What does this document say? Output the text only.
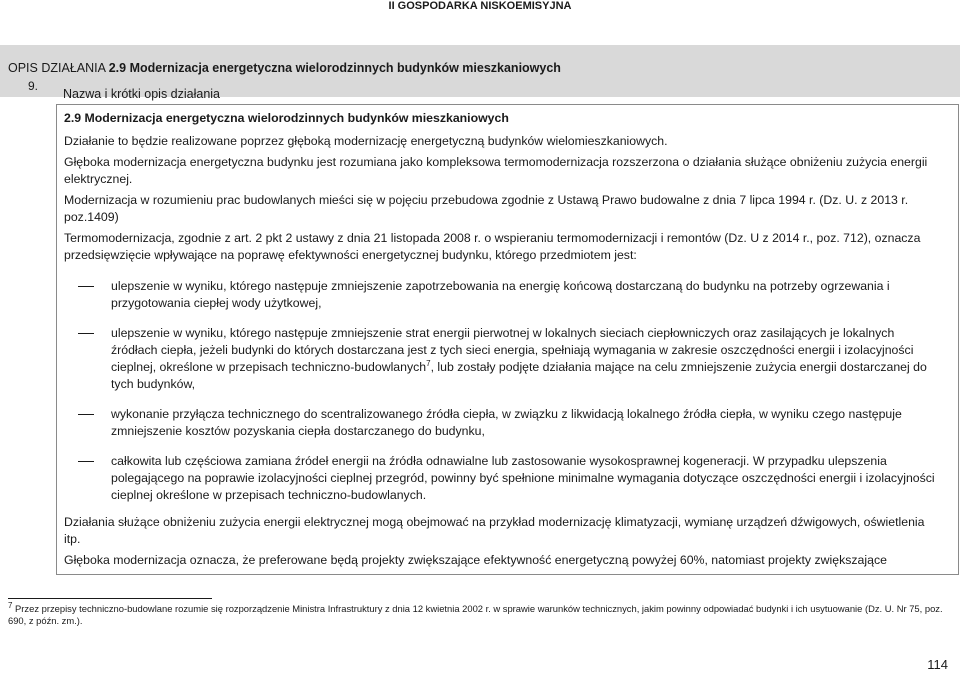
II GOSPODARKA NISKOEMISYJNA
OPIS DZIAŁANIA 2.9 Modernizacja energetyczna wielorodzinnych budynków mieszkaniowych
9.
Nazwa i krótki opis działania

2.9 Modernizacja energetyczna wielorodzinnych budynków mieszkaniowych

Działanie to będzie realizowane poprzez głęboką modernizację energetyczną budynków wielomieszkaniowych.

Głęboka modernizacja energetyczna budynku jest rozumiana jako kompleksowa termomodernizacja rozszerzona o działania służące obniżeniu zużycia energii elektrycznej.

Modernizacja w rozumieniu prac budowlanych mieści się w pojęciu przebudowa zgodnie z Ustawą Prawo budowalne z dnia 7 lipca 1994 r. (Dz. U. z 2013 r. poz.1409)

Termomodernizacja, zgodnie z art. 2 pkt 2 ustawy z dnia 21 listopada 2008 r. o wspieraniu termomodernizacji i remontów (Dz. U z 2014 r., poz. 712), oznacza przedsięwzięcie wpływające na poprawę efektywności energetycznej budynku, którego przedmiotem jest:

ulepszenie w wyniku, którego następuje zmniejszenie zapotrzebowania na energię końcową dostarczaną do budynku na potrzeby ogrzewania i przygotowania ciepłej wody użytkowej,
ulepszenie w wyniku, którego następuje zmniejszenie strat energii pierwotnej w lokalnych sieciach ciepłowniczych oraz zasilających je lokalnych źródłach ciepła, jeżeli budynki do których dostarczana jest z tych sieci energia, spełniają wymagania w zakresie oszczędności energii i izolacyjności cieplnej, określone w przepisach techniczno-budowlanych$^7$, lub zostały podjęte działania mające na celu zmniejszenie zużycia energii dostarczanej do tych budynków,
wykonanie przyłącza technicznego do scentralizowanego źródła ciepła, w związku z likwidacją lokalnego źródła ciepła, w wyniku czego następuje zmniejszenie kosztów pozyskania ciepła dostarczanego do budynku,
całkowita lub częściowa zamiana źródeł energii na źródła odnawialne lub zastosowanie wysokosprawnej kogeneracji. W przypadku ulepszenia polegającego na poprawie izolacyjności cieplnej przegród, powinny być spełnione minimalne wymagania dotyczące oszczędności energii i izolacyjności cieplnej określone w przepisach techniczno-budowlanych.

Działania służące obniżeniu zużycia energii elektrycznej mogą obejmować na przykład modernizację klimatyzacji, wymianę urządzeń dźwigowych, oświetlenia itp.

Głęboka modernizacja oznacza, że preferowane będą projekty zwiększające efektywność energetyczną powyżej 60%, natomiast projekty zwiększające

$^7$ Przez przepisy techniczno-budowlane rozumie się rozporządzenie Ministra Infrastruktury z dnia 12 kwietnia 2002 r. w sprawie warunków technicznych, jakim powinny odpowiadać budynki i ich usytuowanie (Dz. U. Nr 75, poz. 690, z późn. zm.).
114
